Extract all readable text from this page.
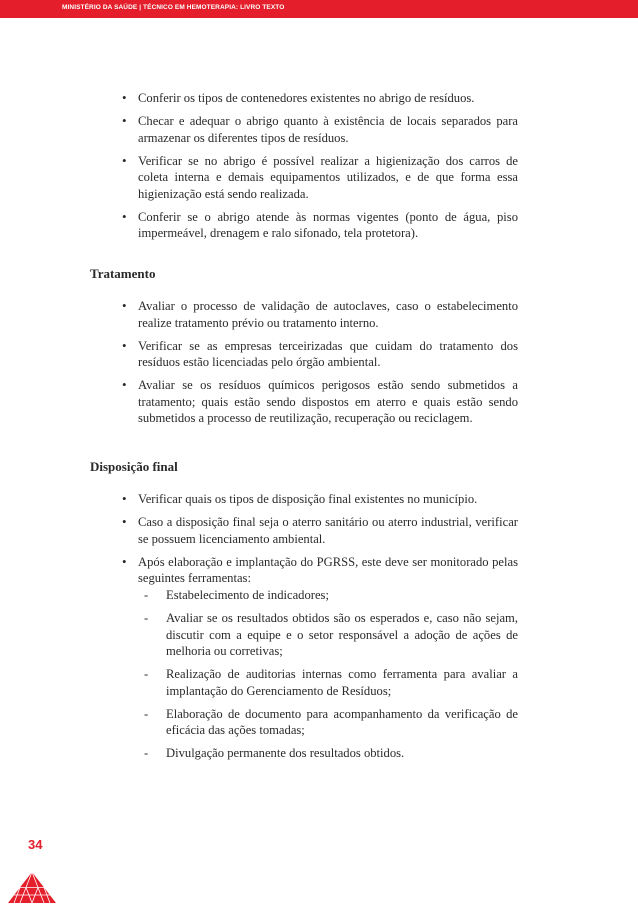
MINISTÉRIO DA SAÚDE | TÉCNICO EM HEMOTERAPIA: LIVRO TEXTO
• Conferir os tipos de contenedores existentes no abrigo de resíduos.
• Checar e adequar o abrigo quanto à existência de locais separados para armazenar os diferentes tipos de resíduos.
• Verificar se no abrigo é possível realizar a higienização dos carros de coleta interna e demais equipamentos utilizados, e de que forma essa higienização está sendo realizada.
• Conferir se o abrigo atende às normas vigentes (ponto de água, piso impermeável, drenagem e ralo sifonado, tela protetora).
Tratamento
• Avaliar o processo de validação de autoclaves, caso o estabelecimento realize tratamento prévio ou tratamento interno.
• Verificar se as empresas terceirizadas que cuidam do tratamento dos resíduos estão licenciadas pelo órgão ambiental.
• Avaliar se os resíduos químicos perigosos estão sendo submetidos a tratamento; quais estão sendo dispostos em aterro e quais estão sendo submetidos a processo de reutilização, recuperação ou reciclagem.
Disposição final
• Verificar quais os tipos de disposição final existentes no município.
• Caso a disposição final seja o aterro sanitário ou aterro industrial, verificar se possuem licenciamento ambiental.
• Após elaboração e implantação do PGRSS, este deve ser monitorado pelas seguintes ferramentas:
- Estabelecimento de indicadores;
- Avaliar se os resultados obtidos são os esperados e, caso não sejam, discutir com a equipe e o setor responsável a adoção de ações de melhoria ou corretivas;
- Realização de auditorias internas como ferramenta para avaliar a implantação do Gerenciamento de Resíduos;
- Elaboração de documento para acompanhamento da verificação de eficácia das ações tomadas;
- Divulgação permanente dos resultados obtidos.
34
